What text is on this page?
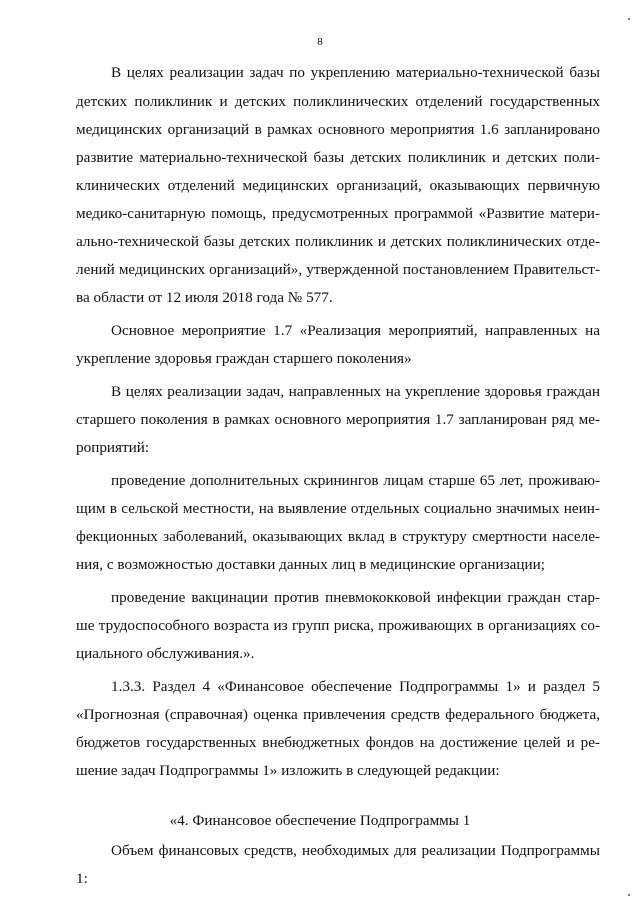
8
В целях реализации задач по укреплению материально-технической базы
детских поликлиник и детских поликлинических отделений государственных
медицинских организаций в рамках основного мероприятия 1.6 запланировано
развитие материально-технической базы детских поликлиник и детских поли-
клинических отделений медицинских организаций, оказывающих первичную
медико-санитарную помощь, предусмотренных программой «Развитие матери-
ально-технической базы детских поликлиник и детских поликлинических отде-
лений медицинских организаций», утвержденной постановлением Правительст-
ва области от 12 июля 2018 года № 577.
Основное мероприятие 1.7 «Реализация мероприятий, направленных на
укрепление здоровья граждан старшего поколения»
В целях реализации задач, направленных на укрепление здоровья граждан
старшего поколения в рамках основного мероприятия 1.7 запланирован ряд ме-
роприятий:
проведение дополнительных скринингов лицам старше 65 лет, проживаю-
щим в сельской местности, на выявление отдельных социально значимых неин-
фекционных заболеваний, оказывающих вклад в структуру смертности населе-
ния, с возможностью доставки данных лиц в медицинские организации;
проведение вакцинации против пневмококковой инфекции граждан стар-
ше трудоспособного возраста из групп риска, проживающих в организациях со-
циального обслуживания.».
1.3.3. Раздел 4 «Финансовое обеспечение Подпрограммы 1» и раздел 5
«Прогнозная (справочная) оценка привлечения средств федерального бюджета,
бюджетов государственных внебюджетных фондов на достижение целей и ре-
шение задач Подпрограммы 1» изложить в следующей редакции:
«4. Финансовое обеспечение Подпрограммы 1
Объем финансовых средств, необходимых для реализации Подпрограммы
1:
